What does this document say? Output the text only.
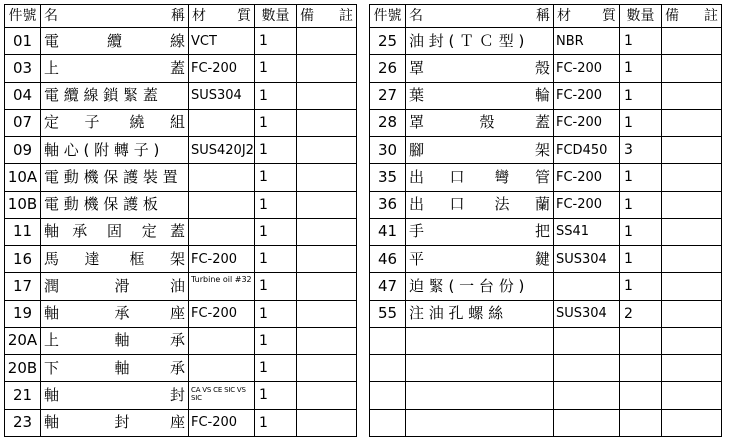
件號	名 稱	材 質	數量	備 註

01	電 纜 線	VCT	1	

03	上 蓋	FC-200	1	

04	電 纜 線 鎖 緊 蓋	SUS304	1	

07	定 子　　繞 組		1	

09	軸 心 ( 附 轉 子 )	SUS420J2	1	

10A	電 動 機 保 護 裝 置		1	

10B	電 動 機 保 護 板		1	

11	軸 承　 固　 定 蓋		1	

16	馬 達　　框 架	FC-200	1	

17	潤 　滑 油	Turbine oil #32	1	

19	軸 　承 座	FC-200	1	

20A	上 　軸 承		1	

20B	下 　軸 承		1	

21	軸 封	CA VS CE SIC VS SIC	1	

23	軸 　封 座	FC-200	1	

件號	名 稱	材 質	數量	備 註

25	油 封 ( Ｔ Ｃ 型 )	NBR	1	

26	罩 殼	FC-200	1	

27	葉 輪	FC-200	1	

28	罩 　殼 蓋	FC-200	1	

30	腳 架	FCD450	3	

35	出 口　　彎 管	FC-200	1	

36	出 口　　法 蘭	FC-200	1	

41	手 把	SS41	1	

46	平 鍵	SUS304	1	

47	迫 緊 ( 一 台 份 )		1	

55	注 油 孔 螺 絲	SUS304	2	
